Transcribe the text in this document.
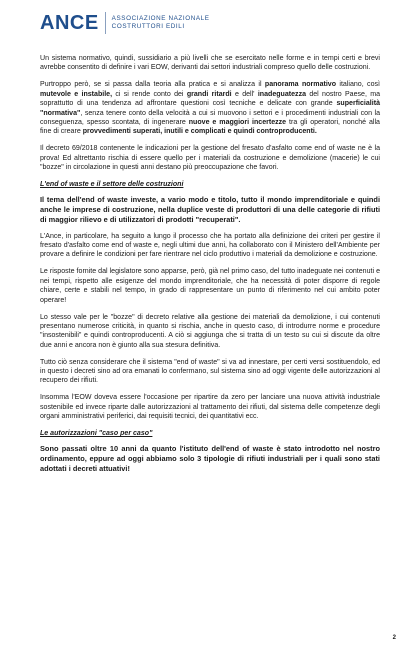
ANCE ASSOCIAZIONE NAZIONALE
COSTRUTTORI EDILI

Un sistema normativo, quindi, sussidiario a più livelli che se esercitato nelle forme e in tempi certi e brevi avrebbe consentito di definire i vari EOW, derivanti dai settori industriali compreso quello delle costruzioni.

Purtroppo però, se si passa dalla teoria alla pratica e si analizza il panorama normativo italiano, così mutevole e instabile, ci si rende conto dei grandi ritardi e dell' inadeguatezza del nostro Paese, ma soprattutto di una tendenza ad affrontare questioni così tecniche e delicate con grande superficialità "normativa", senza tenere conto della velocità a cui si muovono i settori e i procedimenti industriali con la conseguenza, spesso scontata, di ingenerare nuove e maggiori incertezze tra gli operatori, nonché alla fine di creare provvedimenti superati, inutili e complicati e quindi controproducenti.

Il decreto 69/2018 contenente le indicazioni per la gestione del fresato d'asfalto come end of waste ne è la prova! Ed altrettanto rischia di essere quello per i materiali da costruzione e demolizione (macerie) le cui "bozze" in circolazione in questi anni destano più preoccupazione che favori.

L'end of waste e il settore delle costruzioni

Il tema dell'end of waste investe, a vario modo e titolo, tutto il mondo imprenditoriale e quindi anche le imprese di costruzione, nella duplice veste di produttori di una delle categorie di rifiuti di maggior rilievo e di utilizzatori di prodotti "recuperati".

L'Ance, in particolare, ha seguito a lungo il processo che ha portato alla definizione dei criteri per gestire il fresato d'asfalto come end of waste e, negli ultimi due anni, ha collaborato con il Ministero dell'Ambiente per provare a definire le condizioni per fare rientrare nel ciclo produttivo i materiali da demolizione e costruzione.

Le risposte fornite dal legislatore sono apparse, però, già nel primo caso, del tutto inadeguate nei contenuti e nei tempi, rispetto alle esigenze del mondo imprenditoriale, che ha necessità di poter disporre di regole chiare, certe e stabili nel tempo, in grado di rappresentare un punto di riferimento nel cui ambito poter operare!

Lo stesso vale per le "bozze" di decreto relative alla gestione dei materiali da demolizione, i cui contenuti presentano numerose criticità, in quanto si rischia, anche in questo caso, di introdurre norme e procedure "insostenibili" e quindi controproducenti. A ciò si aggiunga che si tratta di un testo su cui si discute da oltre due anni e ancora non è giunto alla sua stesura definitiva.

Tutto ciò senza considerare che il sistema "end of waste" si va ad innestare, per certi versi sostituendolo, ed in questo i decreti sino ad ora emanati lo confermano, sul sistema sino ad oggi vigente delle autorizzazioni al recupero dei rifiuti.

Insomma l'EOW doveva essere l'occasione per ripartire da zero per lanciare una nuova attività industriale sostenibile ed invece riparte dalle autorizzazioni al trattamento dei rifiuti, dal sistema delle competenze degli organi amministrativi periferici, dai requisiti tecnici, dei quantitativi ecc.

Le autorizzazioni "caso per caso"

Sono passati oltre 10 anni da quanto l'istituto dell'end of waste è stato introdotto nel nostro ordinamento, eppure ad oggi abbiamo solo 3 tipologie di rifiuti industriali per i quali sono stati adottati i decreti attuativi!

2
